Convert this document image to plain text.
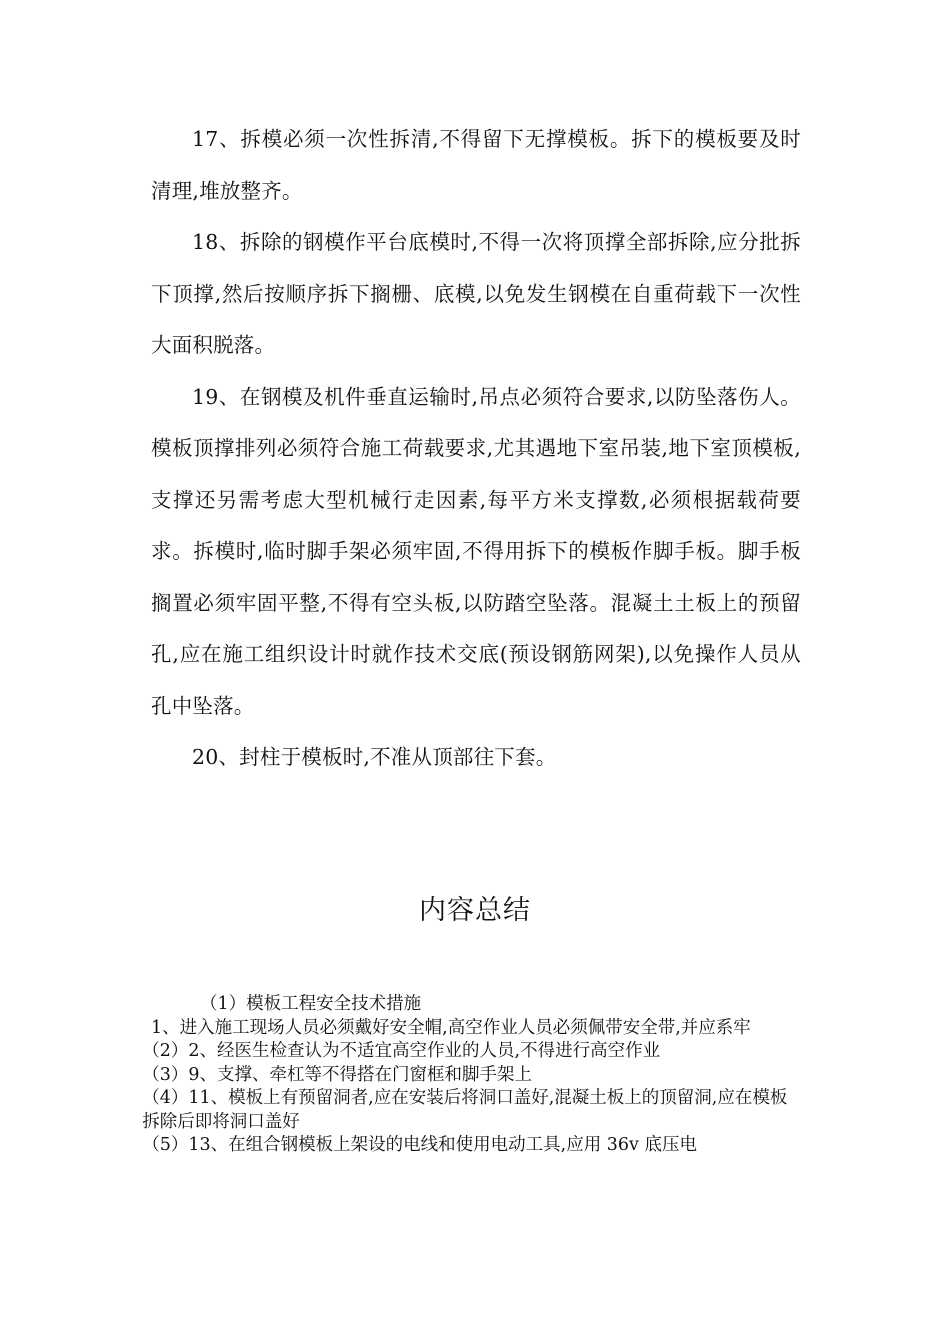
17、拆模必须一次性拆清,不得留下无撑模板。拆下的模板要及时清理,堆放整齐。

18、拆除的钢模作平台底模时,不得一次将顶撑全部拆除,应分批拆下顶撑,然后按顺序拆下搁栅、底模,以免发生钢模在自重荷载下一次性大面积脱落。

19、在钢模及机件垂直运输时,吊点必须符合要求,以防坠落伤人。模板顶撑排列必须符合施工荷载要求,尤其遇地下室吊装,地下室顶模板,支撑还另需考虑大型机械行走因素,每平方米支撑数,必须根据载荷要求。拆模时,临时脚手架必须牢固,不得用拆下的模板作脚手板。脚手板搁置必须牢固平整,不得有空头板,以防踏空坠落。混凝土土板上的预留孔,应在施工组织设计时就作技术交底(预设钢筋网架),以免操作人员从孔中坠落。

20、封柱于模板时,不准从顶部往下套。

内容总结

（1）模板工程安全技术措施

1、进入施工现场人员必须戴好安全帽,高空作业人员必须佩带安全带,并应系牢

（2）2、经医生检查认为不适宜高空作业的人员,不得进行高空作业

（3）9、支撑、牵杠等不得搭在门窗框和脚手架上

（4）11、模板上有预留洞者,应在安装后将洞口盖好,混凝土板上的顶留洞,应在模板拆除后即将洞口盖好

（5）13、在组合钢模板上架设的电线和使用电动工具,应用 36v 底压电
